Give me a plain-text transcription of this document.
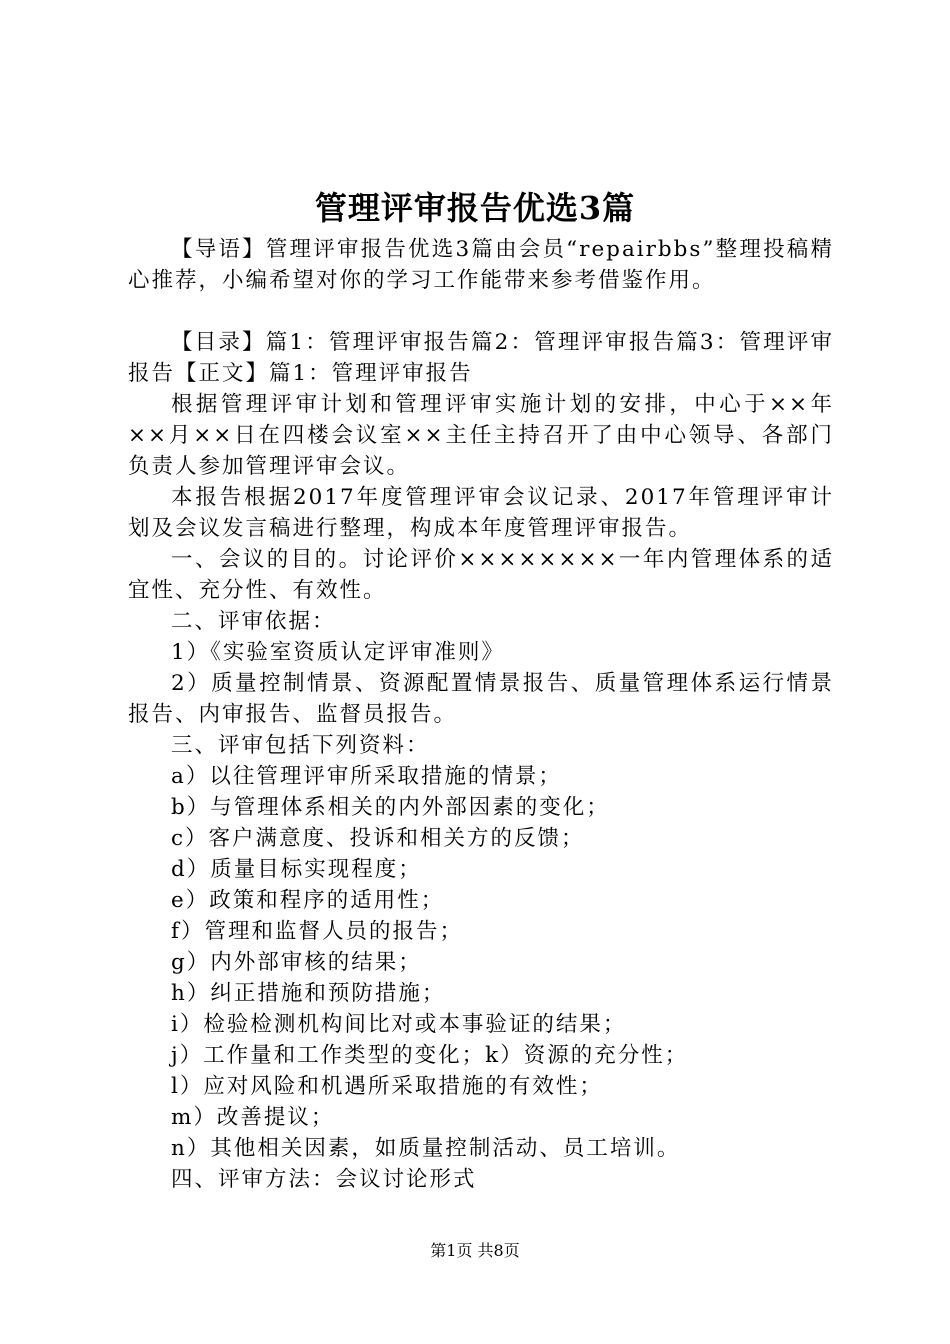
管理评审报告优选3篇

【导语】管理评审报告优选3篇由会员“repairbbs”整理投稿精心推荐，小编希望对你的学习工作能带来参考借鉴作用。

【目录】篇1：管理评审报告篇2：管理评审报告篇3：管理评审报告【正文】篇1：管理评审报告

根据管理评审计划和管理评审实施计划的安排，中心于××年××月××日在四楼会议室××主任主持召开了由中心领导、各部门负责人参加管理评审会议。

本报告根据2017年度管理评审会议记录、2017年管理评审计划及会议发言稿进行整理，构成本年度管理评审报告。

一、会议的目的。讨论评价××××××××一年内管理体系的适宜性、充分性、有效性。

二、评审依据：

1）《实验室资质认定评审准则》

2）质量控制情景、资源配置情景报告、质量管理体系运行情景报告、内审报告、监督员报告。

三、评审包括下列资料：

a）以往管理评审所采取措施的情景；

b）与管理体系相关的内外部因素的变化；

c）客户满意度、投诉和相关方的反馈；

d）质量目标实现程度；

e）政策和程序的适用性；

f）管理和监督人员的报告；

g）内外部审核的结果；

h）纠正措施和预防措施；

i）检验检测机构间比对或本事验证的结果；

j）工作量和工作类型的变化；k）资源的充分性；

l）应对风险和机遇所采取措施的有效性；

m）改善提议；

n）其他相关因素，如质量控制活动、员工培训。

四、评审方法：会议讨论形式

第1页 共8页
